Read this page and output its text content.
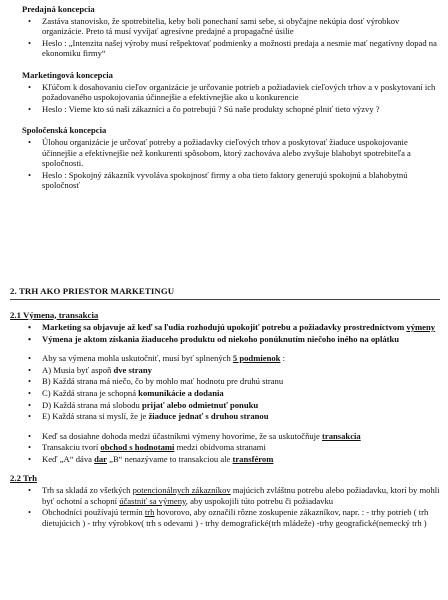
Predajná koncepcia
• Zastáva stanovisko, že spotrebitelia, keby boli ponechaní sami sebe, si obyčajne nekúpia dosť výrobkov organizácie. Preto tá musí vyvíjať agresívne predajné a propagačné úsilie
• Heslo : „Intenzita našej výroby musí rešpektovať podmienky a možnosti predaja a nesmie mať negatívny dopad na ekonomiku firmy“
Marketingová koncepcia
• Kľúčom k dosahovaniu cieľov organizácie je určovanie potrieb a požiadaviek cieľových trhov a v poskytovaní ich požadovaného uspokojovania účinnejšie a efektívnejšie ako u konkurencie
• Heslo : Vieme kto sú naši zákazníci a čo potrebujú ? Sú naše produkty schopné plniť tieto výzvy ?
Spoločenská koncepcia
• Úlohou organizácie je určovať potreby a požiadavky cieľových trhov a poskytovať žiaduce uspokojovanie účinnejšie a efektívnejšie než konkurenti spôsobom, ktorý zachováva alebo zvyšuje blahobyt spotrebiteľa a spoločnosti.
• Heslo : Spokojný zákazník vyvoláva spokojnosť firmy a oba tieto faktory generujú spokojnú a blahobytnú spoločnosť
2. TRH AKO PRIESTOR MARKETINGU
2.1 Výmena, transakcia
• Marketing sa objavuje až keď sa ľudia rozhodujú upokojiť potrebu a požiadavky prostredníctvom výmeny
• Výmena je aktom získania žiaduceho produktu od niekoho ponúknutím niečoho iného na oplátku
• Aby sa výmena mohla uskutočniť, musí byť splnených 5 podmienok :
• A) Musia byť aspoň dve strany
• B) Každá strana má niečo, čo by mohlo mať hodnotu pre druhú stranu
• C) Každá strana je schopná komunikácie a dodania
• D) Každá strana má slobodu prijať alebo odmietnuť ponuku
• E) Každá strana si myslí, že je žiaduce jednať s druhou stranou
• Keď sa dosiahne dohoda medzi účastníkmi výmeny hovoríme, že sa uskutočňuje transakcia
• Transakciu tvorí obchod s hodnotami medzi obidvoma stranami
• Keď „A“ dáva dar „B“ nenazývame to transakciou ale transférom
2.2 Trh
• Trh sa skladá zo všetkých potencionálnych zákazníkov majúcich zvláštnu potrebu alebo požiadavku, ktorí by mohli byť ochotní a schopní účastniť sa výmeny, aby uspokojili túto potrebu či požiadavku
• Obchodníci používajú termín trh hovorovo, aby označili rôzne zoskupenie zákazníkov, napr. : - trhy potrieb ( trh dietujúcich ) - trhy výrobkov( trh s odevami ) - trhy demografické(trh mládeže) -trhy geografické(nemecký trh )
